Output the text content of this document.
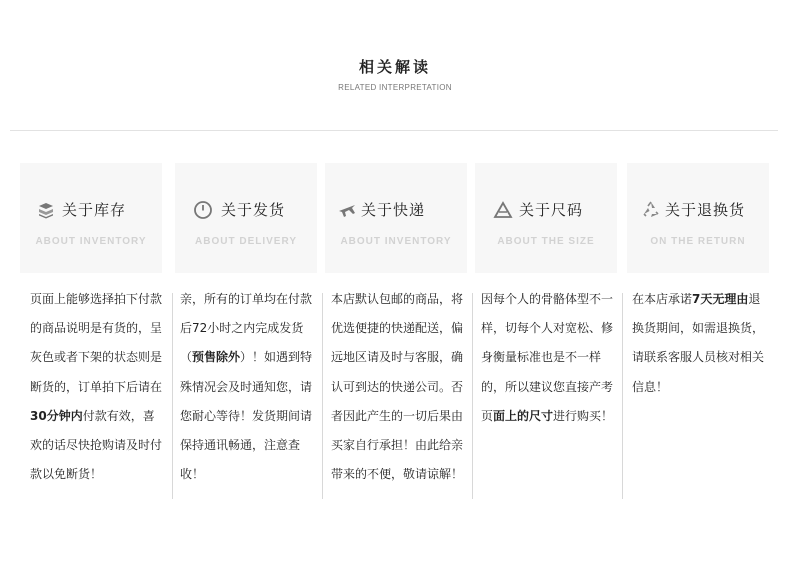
相关解读
RELATED INTERPRETATION
关于库存
ABOUT INVENTORY
关于发货
ABOUT DELIVERY
关于快递
ABOUT INVENTORY
关于尺码
ABOUT THE SIZE
关于退换货
ON THE RETURN
页面上能够选择拍下付款的商品说明是有货的，呈灰色或者下架的状态则是断货的，订单拍下后请在30分钟内付款有效，喜欢的话尽快抢购请及时付款以免断货！
亲，所有的订单均在付款后72小时之内完成发货（预售除外）！如遇到特殊情况会及时通知您，请您耐心等待！发货期间请保持通讯畅通，注意查收！
本店默认包邮的商品，将优选便捷的快递配送，偏远地区请及时与客服，确认可到达的快递公司。否者因此产生的一切后果由买家自行承担！由此给亲带来的不便，敬请谅解！
因每个人的骨骼体型不一样，切每个人对宽松、修身衡量标准也是不一样的，所以建议您直接产考页面上的尺寸进行购买！
在本店承诺7天无理由退换货期间，如需退换货，请联系客服人员核对相关信息！
